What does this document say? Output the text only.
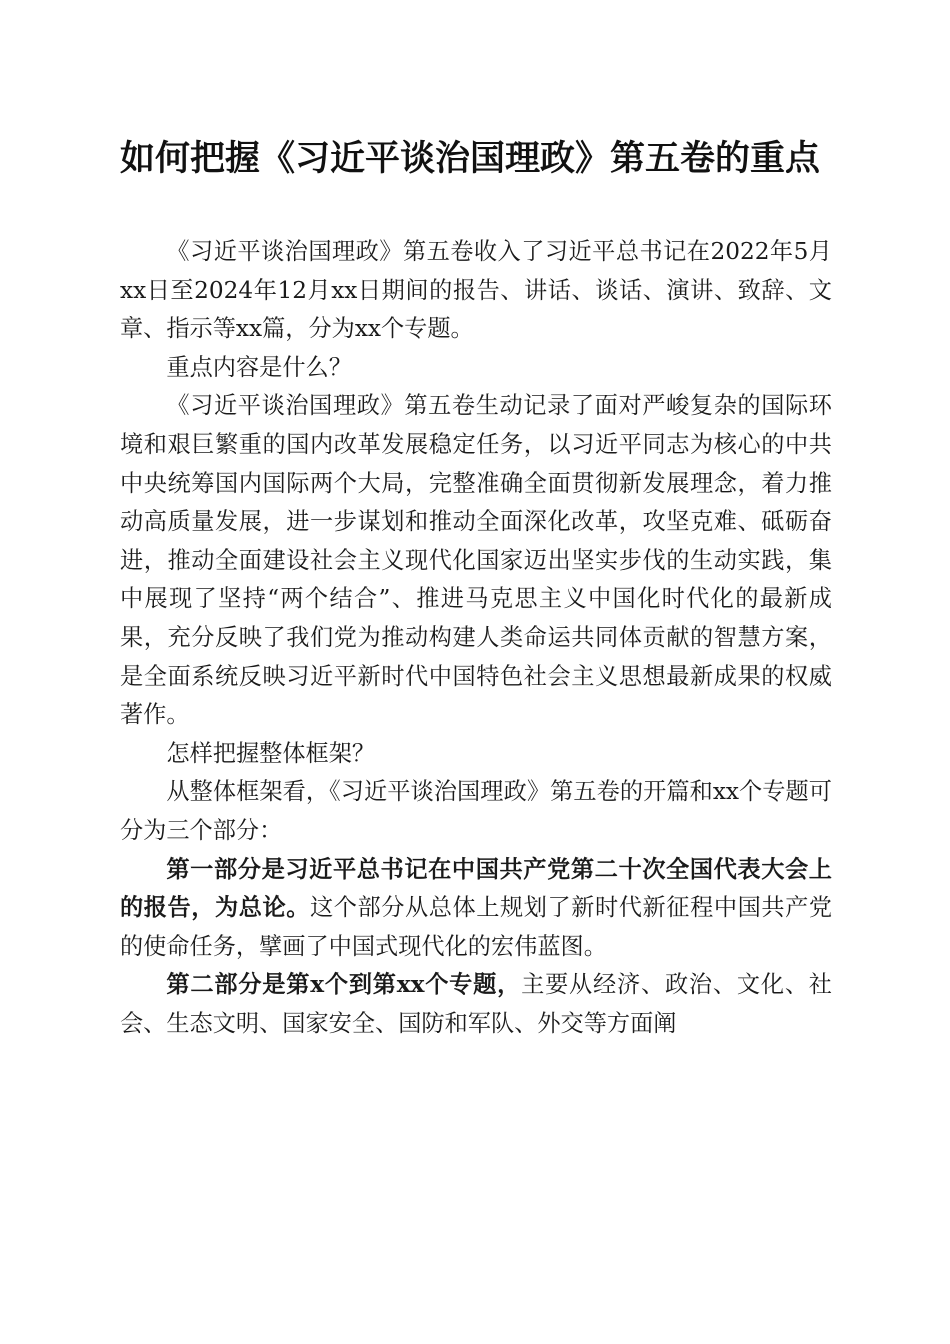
如何把握《习近平谈治国理政》第五卷的重点

《习近平谈治国理政》第五卷收入了习近平总书记在2022年5月xx日至2024年12月xx日期间的报告、讲话、谈话、演讲、致辞、文章、指示等xx篇，分为xx个专题。

重点内容是什么？

《习近平谈治国理政》第五卷生动记录了面对严峻复杂的国际环境和艰巨繁重的国内改革发展稳定任务，以习近平同志为核心的中共中央统筹国内国际两个大局，完整准确全面贯彻新发展理念，着力推动高质量发展，进一步谋划和推动全面深化改革，攻坚克难、砥砺奋进，推动全面建设社会主义现代化国家迈出坚实步伐的生动实践，集中展现了坚持“两个结合”、推进马克思主义中国化时代化的最新成果，充分反映了我们党为推动构建人类命运共同体贡献的智慧方案，是全面系统反映习近平新时代中国特色社会主义思想最新成果的权威著作。

怎样把握整体框架？

从整体框架看，《习近平谈治国理政》第五卷的开篇和xx个专题可分为三个部分：

第一部分是习近平总书记在中国共产党第二十次全国代表大会上的报告，为总论。这个部分从总体上规划了新时代新征程中国共产党的使命任务，擘画了中国式现代化的宏伟蓝图。

第二部分是第x个到第xx个专题，主要从经济、政治、文化、社会、生态文明、国家安全、国防和军队、外交等方面阐
